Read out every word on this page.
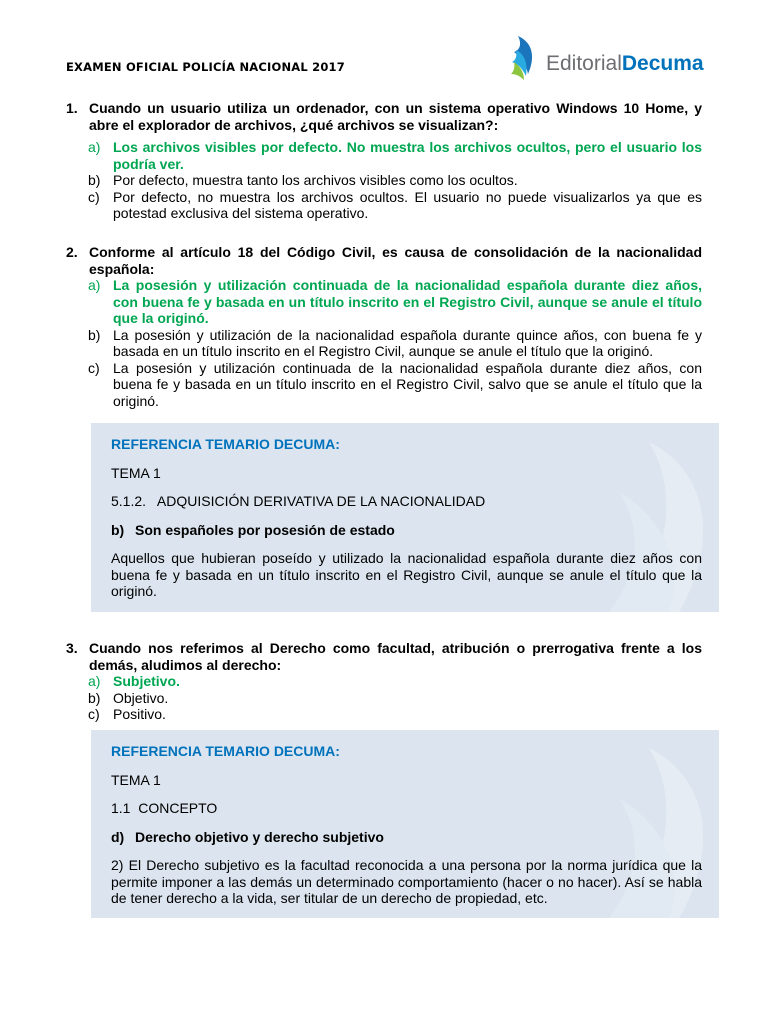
EXAMEN OFICIAL POLICÍA NACIONAL 2017	EditorialDecuma
1. Cuando un usuario utiliza un ordenador, con un sistema operativo Windows 10 Home, y abre el explorador de archivos, ¿qué archivos se visualizan?:
a) Los archivos visibles por defecto. No muestra los archivos ocultos, pero el usuario los podría ver.
b) Por defecto, muestra tanto los archivos visibles como los ocultos.
c) Por defecto, no muestra los archivos ocultos. El usuario no puede visualizarlos ya que es potestad exclusiva del sistema operativo.
2. Conforme al artículo 18 del Código Civil, es causa de consolidación de la nacionalidad española:
a) La posesión y utilización continuada de la nacionalidad española durante diez años, con buena fe y basada en un título inscrito en el Registro Civil, aunque se anule el título que la originó.
b) La posesión y utilización de la nacionalidad española durante quince años, con buena fe y basada en un título inscrito en el Registro Civil, aunque se anule el título que la originó.
c) La posesión y utilización continuada de la nacionalidad española durante diez años, con buena fe y basada en un título inscrito en el Registro Civil, salvo que se anule el título que la originó.
REFERENCIA TEMARIO DECUMA:
TEMA 1
5.1.2.   ADQUISICIÓN DERIVATIVA DE LA NACIONALIDAD
b) Son españoles por posesión de estado
Aquellos que hubieran poseído y utilizado la nacionalidad española durante diez años con buena fe y basada en un título inscrito en el Registro Civil, aunque se anule el título que la originó.
3. Cuando nos referimos al Derecho como facultad, atribución o prerrogativa frente a los demás, aludimos al derecho:
a) Subjetivo.
b) Objetivo.
c) Positivo.
REFERENCIA TEMARIO DECUMA:
TEMA 1
1.1  CONCEPTO
d) Derecho objetivo y derecho subjetivo
2) El Derecho subjetivo es la facultad reconocida a una persona por la norma jurídica que la permite imponer a las demás un determinado comportamiento (hacer o no hacer). Así se habla de tener derecho a la vida, ser titular de un derecho de propiedad, etc.
